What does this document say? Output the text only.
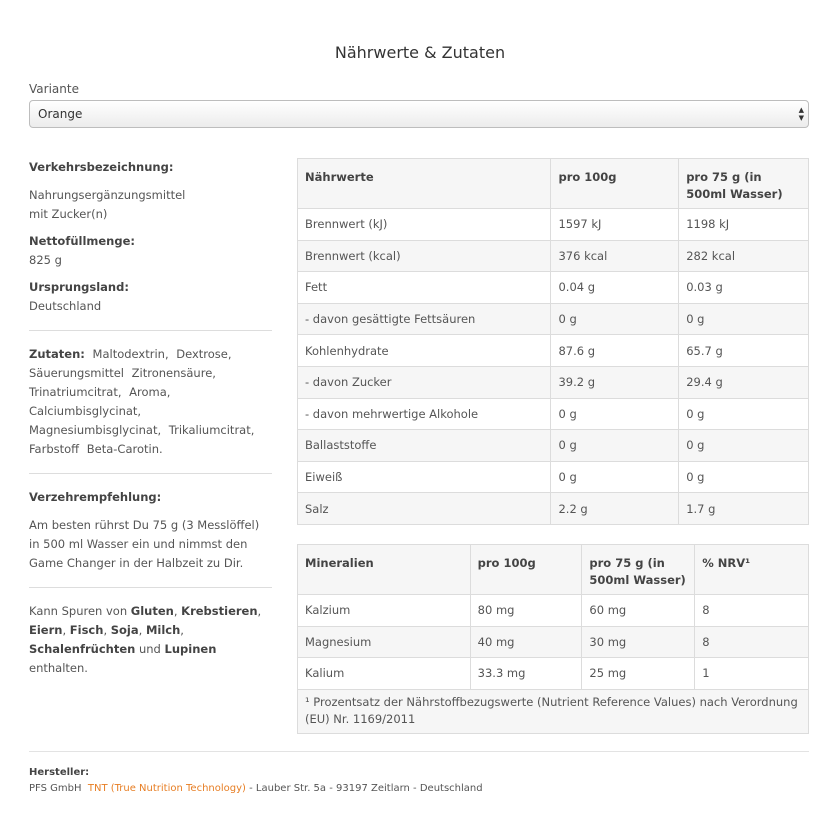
Nährwerte & Zutaten
Variante
Orange	▲
▼
Verkehrsbezeichnung:
Nahrungsergänzungsmittel
mit Zucker(n)
Nettofüllmenge:
825 g
Ursprungsland:
Deutschland
Zutaten: Maltodextrin, Dextrose, Säuerungsmittel Zitronensäure, Trinatriumcitrat, Aroma, Calciumbisglycinat, Magnesiumbisglycinat, Trikaliumcitrat, Farbstoff Beta-Carotin.
Verzehrempfehlung:
Am besten rührst Du 75 g (3 Messlöffel) in 500 ml Wasser ein und nimmst den Game Changer in der Halbzeit zu Dir.
Kann Spuren von Gluten, Krebstieren, Eiern, Fisch, Soja, Milch, Schalenfrüchten und Lupinen enthalten.
Nährwerte	pro 100g	pro 75 g (in 500ml Wasser)
Brennwert (kJ)	1597 kJ	1198 kJ
Brennwert (kcal)	376 kcal	282 kcal
Fett	0.04 g	0.03 g
- davon gesättigte Fettsäuren	0 g	0 g
Kohlenhydrate	87.6 g	65.7 g
- davon Zucker	39.2 g	29.4 g
- davon mehrwertige Alkohole	0 g	0 g
Ballaststoffe	0 g	0 g
Eiweiß	0 g	0 g
Salz	2.2 g	1.7 g
Mineralien	pro 100g	pro 75 g (in 500ml Wasser)	% NRV¹
Kalzium	80 mg	60 mg	8
Magnesium	40 mg	30 mg	8
Kalium	33.3 mg	25 mg	1
¹ Prozentsatz der Nährstoffbezugswerte (Nutrient Reference Values) nach Verordnung (EU) Nr. 1169/2011			
Hersteller:
PFS GmbH TNT (True Nutrition Technology) - Lauber Str. 5a - 93197 Zeitlarn - Deutschland
